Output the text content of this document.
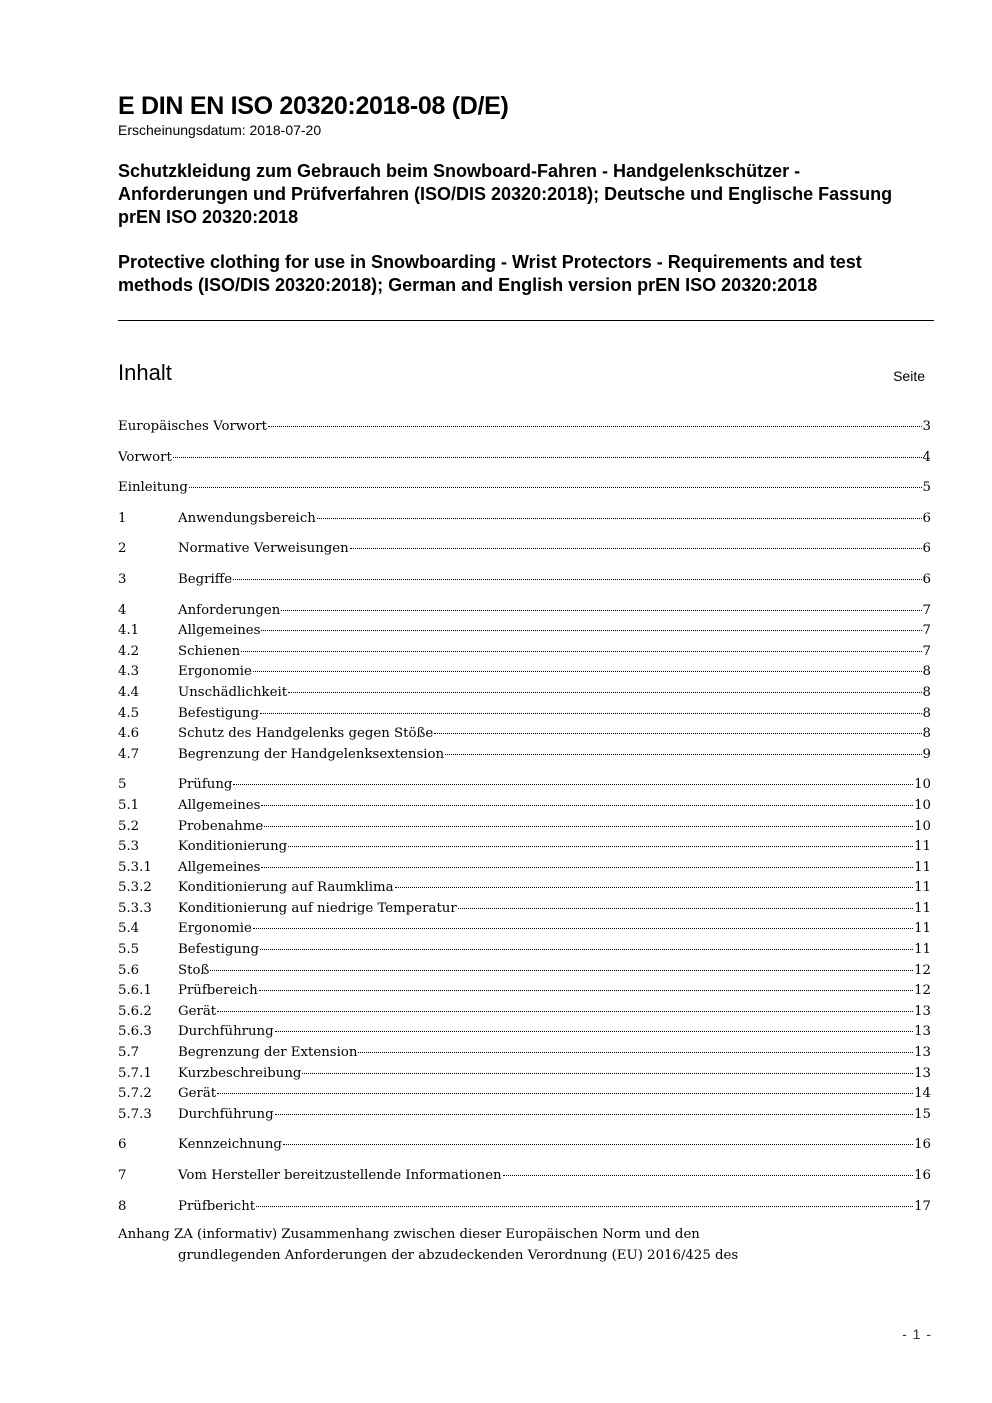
E DIN EN ISO 20320:2018-08 (D/E)
Erscheinungsdatum: 2018-07-20
Schutzkleidung zum Gebrauch beim Snowboard-Fahren - Handgelenkschützer - Anforderungen und Prüfverfahren (ISO/DIS 20320:2018); Deutsche und Englische Fassung prEN ISO 20320:2018
Protective clothing for use in Snowboarding - Wrist Protectors - Requirements and test methods (ISO/DIS 20320:2018); German and English version prEN ISO 20320:2018
Inhalt	Seite
Europäisches Vorwort	3
Vorwort	4
Einleitung	5
1	Anwendungsbereich	6
2	Normative Verweisungen	6
3	Begriffe	6
4	Anforderungen	7
4.1	Allgemeines	7
4.2	Schienen	7
4.3	Ergonomie	8
4.4	Unschädlichkeit	8
4.5	Befestigung	8
4.6	Schutz des Handgelenks gegen Stöße	8
4.7	Begrenzung der Handgelenksextension	9
5	Prüfung	10
5.1	Allgemeines	10
5.2	Probenahme	10
5.3	Konditionierung	11
5.3.1	Allgemeines	11
5.3.2	Konditionierung auf Raumklima	11
5.3.3	Konditionierung auf niedrige Temperatur	11
5.4	Ergonomie	11
5.5	Befestigung	11
5.6	Stoß	12
5.6.1	Prüfbereich	12
5.6.2	Gerät	13
5.6.3	Durchführung	13
5.7	Begrenzung der Extension	13
5.7.1	Kurzbeschreibung	13
5.7.2	Gerät	14
5.7.3	Durchführung	15
6	Kennzeichnung	16
7	Vom Hersteller bereitzustellende Informationen	16
8	Prüfbericht	17
Anhang ZA (informativ) Zusammenhang zwischen dieser Europäischen Norm und den
grundlegenden Anforderungen der abzudeckenden Verordnung (EU) 2016/425 des
- 1 -
